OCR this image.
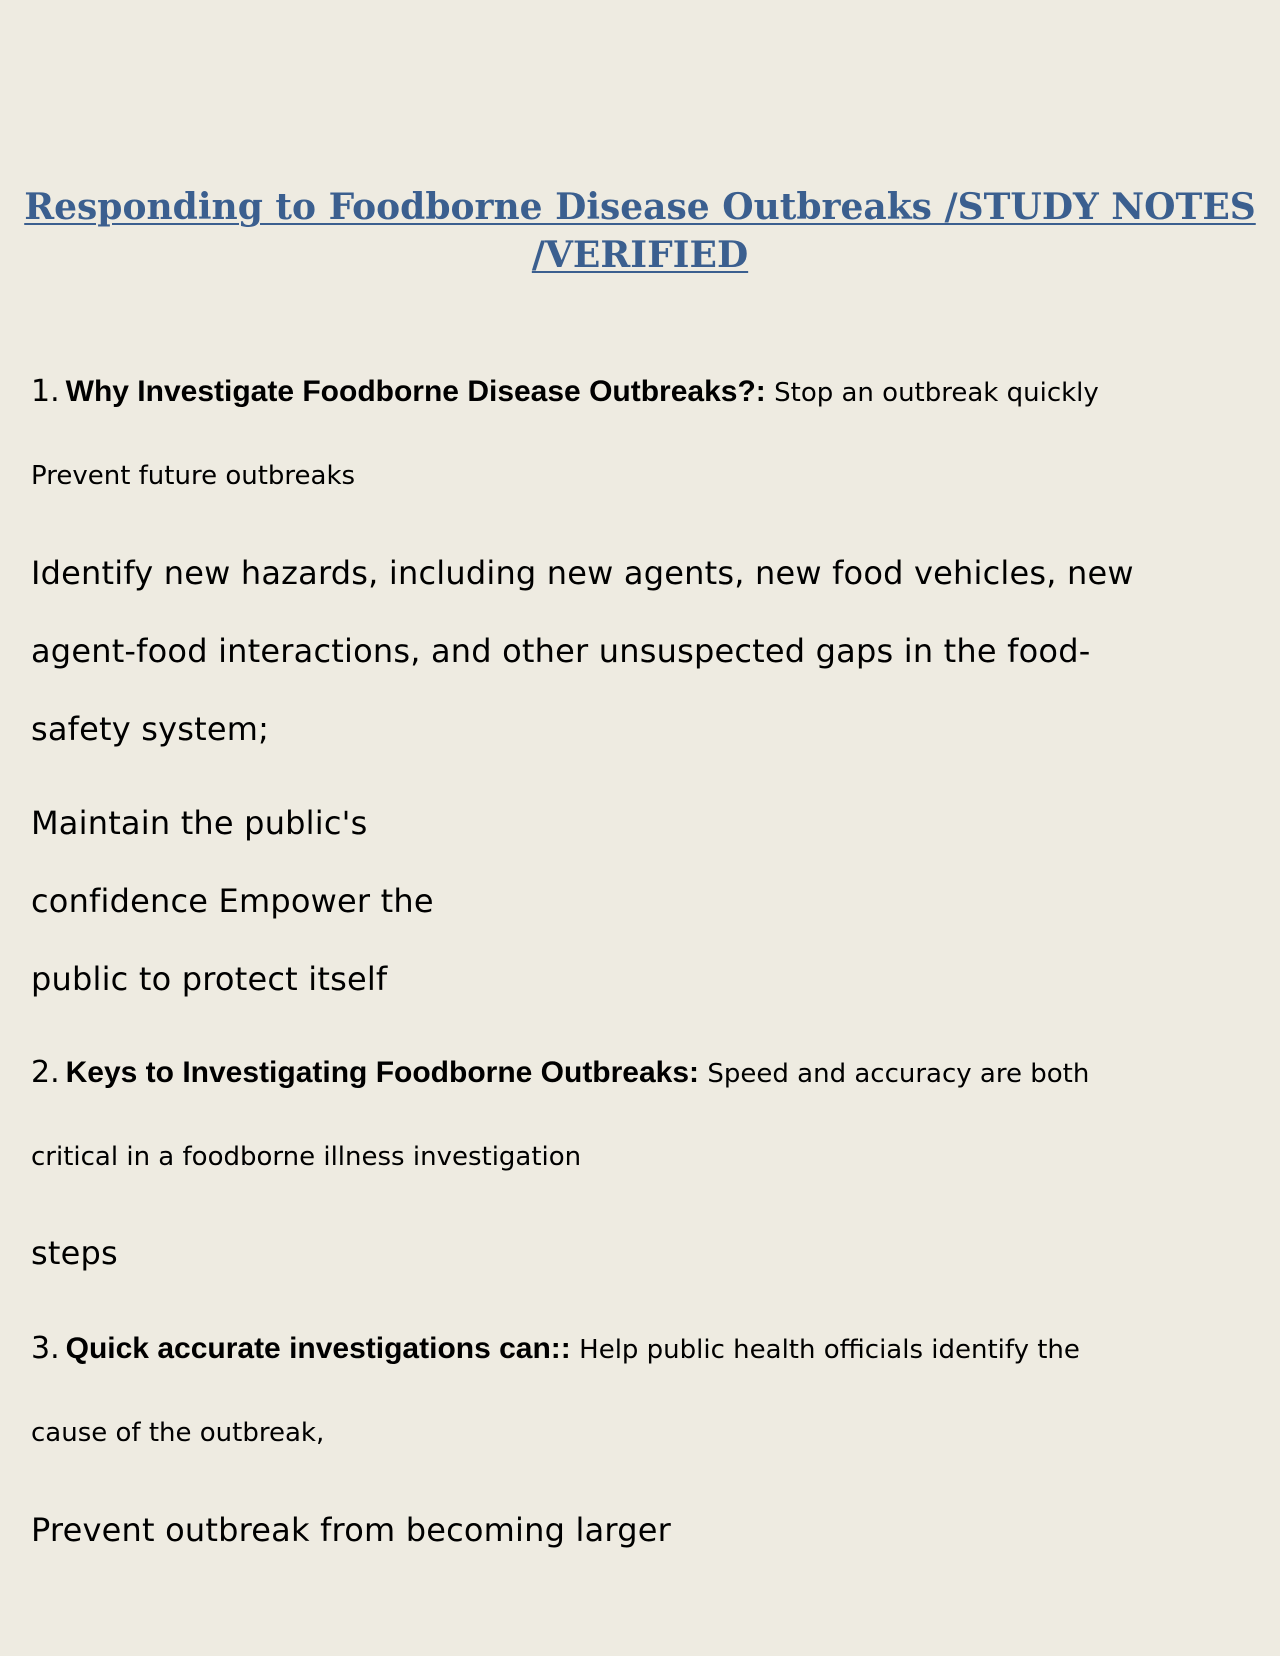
Responding to Foodborne Disease Outbreaks /STUDY NOTES
/VERIFIED
1. Why Investigate Foodborne Disease Outbreaks?: Stop an outbreak quickly
Prevent future outbreaks
Identify new hazards, including new agents, new food vehicles, new
agent-food interactions, and other unsuspected gaps in the food-
safety system;
Maintain the public's
confidence Empower the
public to protect itself
2. Keys to Investigating Foodborne Outbreaks: Speed and accuracy are both
critical in a foodborne illness investigation
steps
3. Quick accurate investigations can:: Help public health officials identify the
cause of the outbreak,
Prevent outbreak from becoming larger
